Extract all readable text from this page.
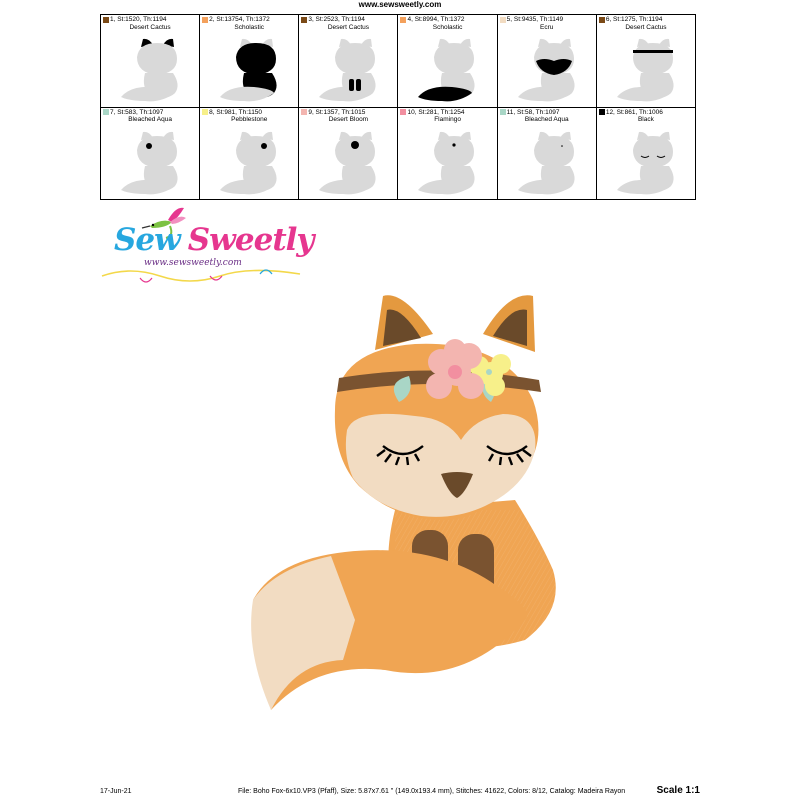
www.sewsweetly.com
1, St:1520, Th:1194
Desert Cactus
2, St:13754, Th:1372
Scholastic
3, St:2523, Th:1194
Desert Cactus
4, St:8994, Th:1372
Scholastic
5, St:9435, Th:1149
Ecru
6, St:1275, Th:1194
Desert Cactus
7, St:583, Th:1097
Bleached Aqua
8, St:981, Th:1150
Pebblestone
9, St:1357, Th:1015
Desert Bloom
10, St:281, Th:1254
Flamingo
11, St:58, Th:1097
Bleached Aqua
12, St:861, Th:1006
Black
Sew Sweetly
www.sewsweetly.com
17-Jun-21	File: Boho Fox-6x10.VP3 (Pfaff), Size: 5.87x7.61 " (149.0x193.4 mm), Stitches: 41622, Colors: 8/12, Catalog: Madeira Rayon	Scale 1:1
